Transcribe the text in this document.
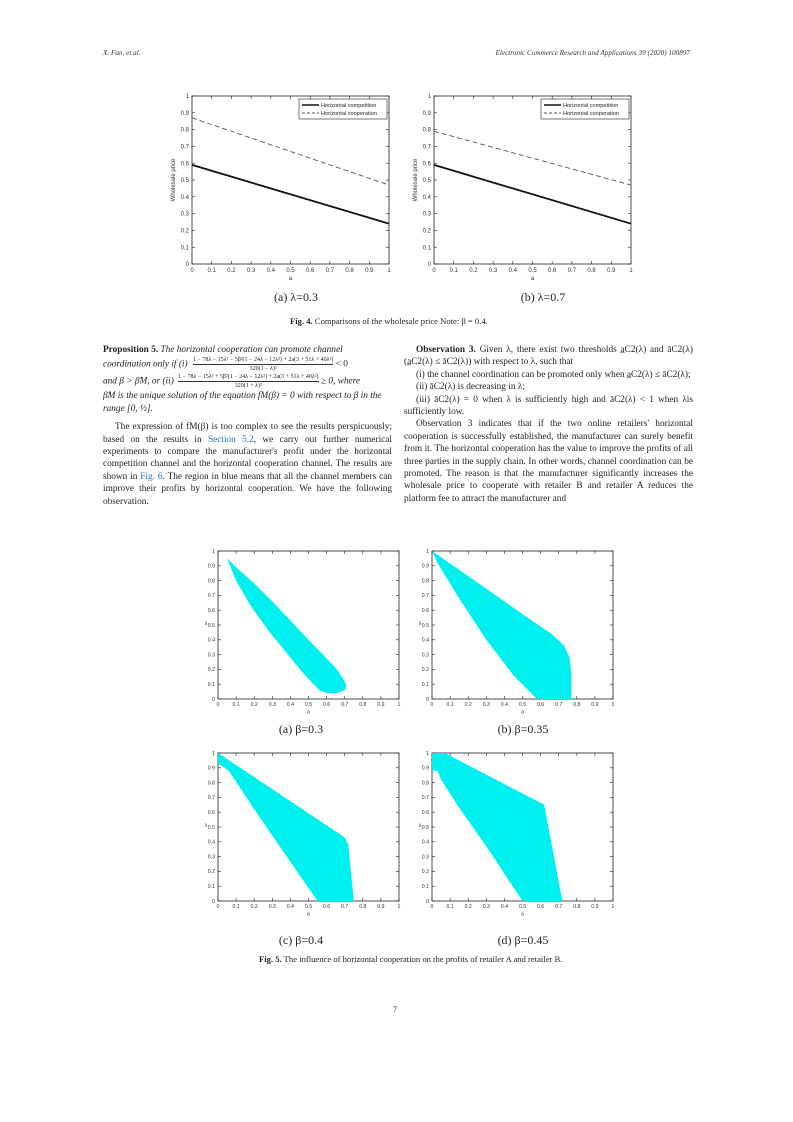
X. Fan, et al.	Electronic Commerce Research and Applications 39 (2020) 100897
0 0.1 0.2 0.3 0.4 0.5 0.6 0.7 0.8 0.9 1
0
0.1
0.2
0.3
0.4
0.5
0.6
0.7
0.8
0.9
1
a
Wholesale price
Horizontal competition
Horizontal cooperation
0 0.1 0.2 0.3 0.4 0.5 0.6 0.7 0.8 0.9 1
0
0.1
0.2
0.3
0.4
0.5
0.6
0.7
0.8
0.9
1
a
Wholesale price
Horizontal competition
Horizontal cooperation
(a) λ=0.3	(b) λ=0.7
Fig. 4. Comparisons of the wholesale price Note: β = 0.4.

Proposition 5. The horizontal cooperation can promote channel

coordination only if $(i) \frac{\text{1 − 78λ − 15λ² − 5β²(1 − 24λ − 12λ²) + 2a(3 + 51λ + 40λ²)}}{\text{320(1 − λ)²}} < 0$

and β > β̂M, or $(ii) \frac{\text{1 − 78λ − 15λ² + 5β²(1 − 24λ − 12λ²) + 2a(3 + 51λ + 40λ²)}}{\text{320(1 + λ)²}} \ge 0$, where

β̂M is the unique solution of the equation fM(β) = 0 with respect to β in the

range [0, ½].

The expression of fM(β) is too complex to see the results perspicuously; based on the results in Section 5.2, we carry out further numerical experiments to compare the manufacturer's profit under the horizontal competition channel and the horizontal cooperation channel. The results are shown in Fig. 6. The region in blue means that all the channel members can improve their profits by horizontal cooperation. We have the following observation.

Observation 3. Given λ, there exist two thresholds a̲C2(λ) and āC2(λ) (a̲C2(λ) ≤ āC2(λ)) with respect to λ, such that

(i) the channel coordination can be promoted only when a̲C2(λ) ≤ āC2(λ);

(ii) āC2(λ) is decreasing in λ;

(iii) āC2(λ) = 0 when λ is sufficiently high and āC2(λ) < 1 when λis sufficiently low.

Observation 3 indicates that if the two online retailers' horizontal cooperation is successfully established, the manufacturer can surely benefit from it. The horizontal cooperation has the value to improve the profits of all three parties in the supply chain. In other words, channel coordination can be promoted. The reason is that the manufacturer significantly increases the wholesale price to cooperate with retailer B and retailer A reduces the platform fee to attract the manufacturer and

0	0.1 0.2 0.3 0.4 0.5 0.6 0.7 0.8 0.9	1
0
0.1
0.2
0.3
0.4
0.5
0.6
0.7
0.8
0.9
1
a
λ
0	0.1 0.2 0.3 0.4 0.5 0.6 0.7 0.8 0.9	1
0
0.1
0.2
0.3
0.4
0.5
0.6
0.7
0.8
0.9
1
a
λ
(a) β=0.3	(b) β=0.35
0	0.1 0.2 0.3 0.4 0.5 0.6 0.7 0.8 0.9	1
0
0.1
0.2
0.3
0.4
0.5
0.6
0.7
0.8
0.9
1
a
λ
0	0.1 0.2 0.3 0.4 0.5 0.6 0.7 0.8 0.9	1
0
0.1
0.2
0.3
0.4
0.5
0.6
0.7
0.8
0.9
1
a
λ
(c) β=0.4	(d) β=0.45
Fig. 5. The influence of horizontal cooperation on the profits of retailer A and retailer B.
7
